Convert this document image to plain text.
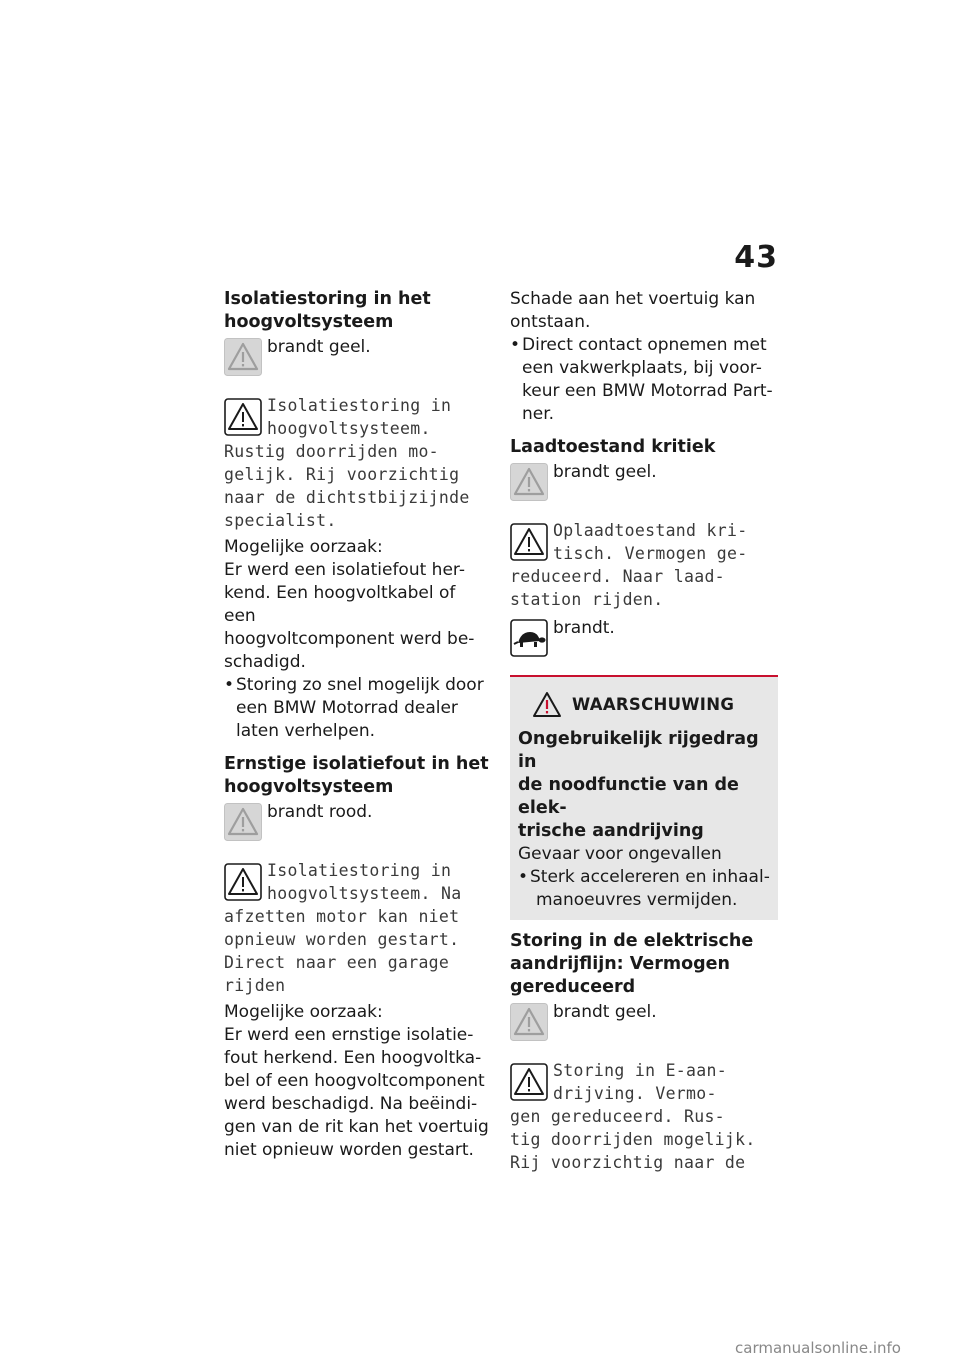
43

Isolatiestoring in het

hoogvoltsysteem

brandt geel.

Isolatiestoring in

hoogvoltsysteem.

Rustig doorrijden mo-

gelijk. Rij voorzichtig

naar de dichtstbijzijnde

specialist.

Mogelijke oorzaak:

Er werd een isolatiefout her-

kend. Een hoogvoltkabel of een

hoogvoltcomponent werd be-

schadigd.

• Storing zo snel mogelijk door

een BMW Motorrad dealer

laten verhelpen.

Ernstige isolatiefout in het

hoogvoltsysteem

brandt rood.

Isolatiestoring in

hoogvoltsysteem. Na

afzetten motor kan niet

opnieuw worden gestart.

Direct naar een garage

rijden

Mogelijke oorzaak:

Er werd een ernstige isolatie-

fout herkend. Een hoogvoltka-

bel of een hoogvoltcomponent

werd beschadigd. Na beëindi-

gen van de rit kan het voertuig

niet opnieuw worden gestart.

Schade aan het voertuig kan

ontstaan.

• Direct contact opnemen met

een vakwerkplaats, bij voor-

keur een BMW Motorrad Part-

ner.

Laadtoestand kritiek

brandt geel.

Oplaadtoestand kri-

tisch. Vermogen ge-

reduceerd. Naar laad-

station rijden.

brandt.

WAARSCHUWING

Ongebruikelijk rijgedrag in

de noodfunctie van de elek-

trische aandrijving

Gevaar voor ongevallen

• Sterk accelereren en inhaal-

manoeuvres vermijden.

Storing in de elektrische

aandrijflijn: Vermogen

gereduceerd

brandt geel.

Storing in E-aan-

drijving. Vermo-

gen gereduceerd. Rus-

tig doorrijden mogelijk.

Rij voorzichtig naar de

carmanualsonline.info
